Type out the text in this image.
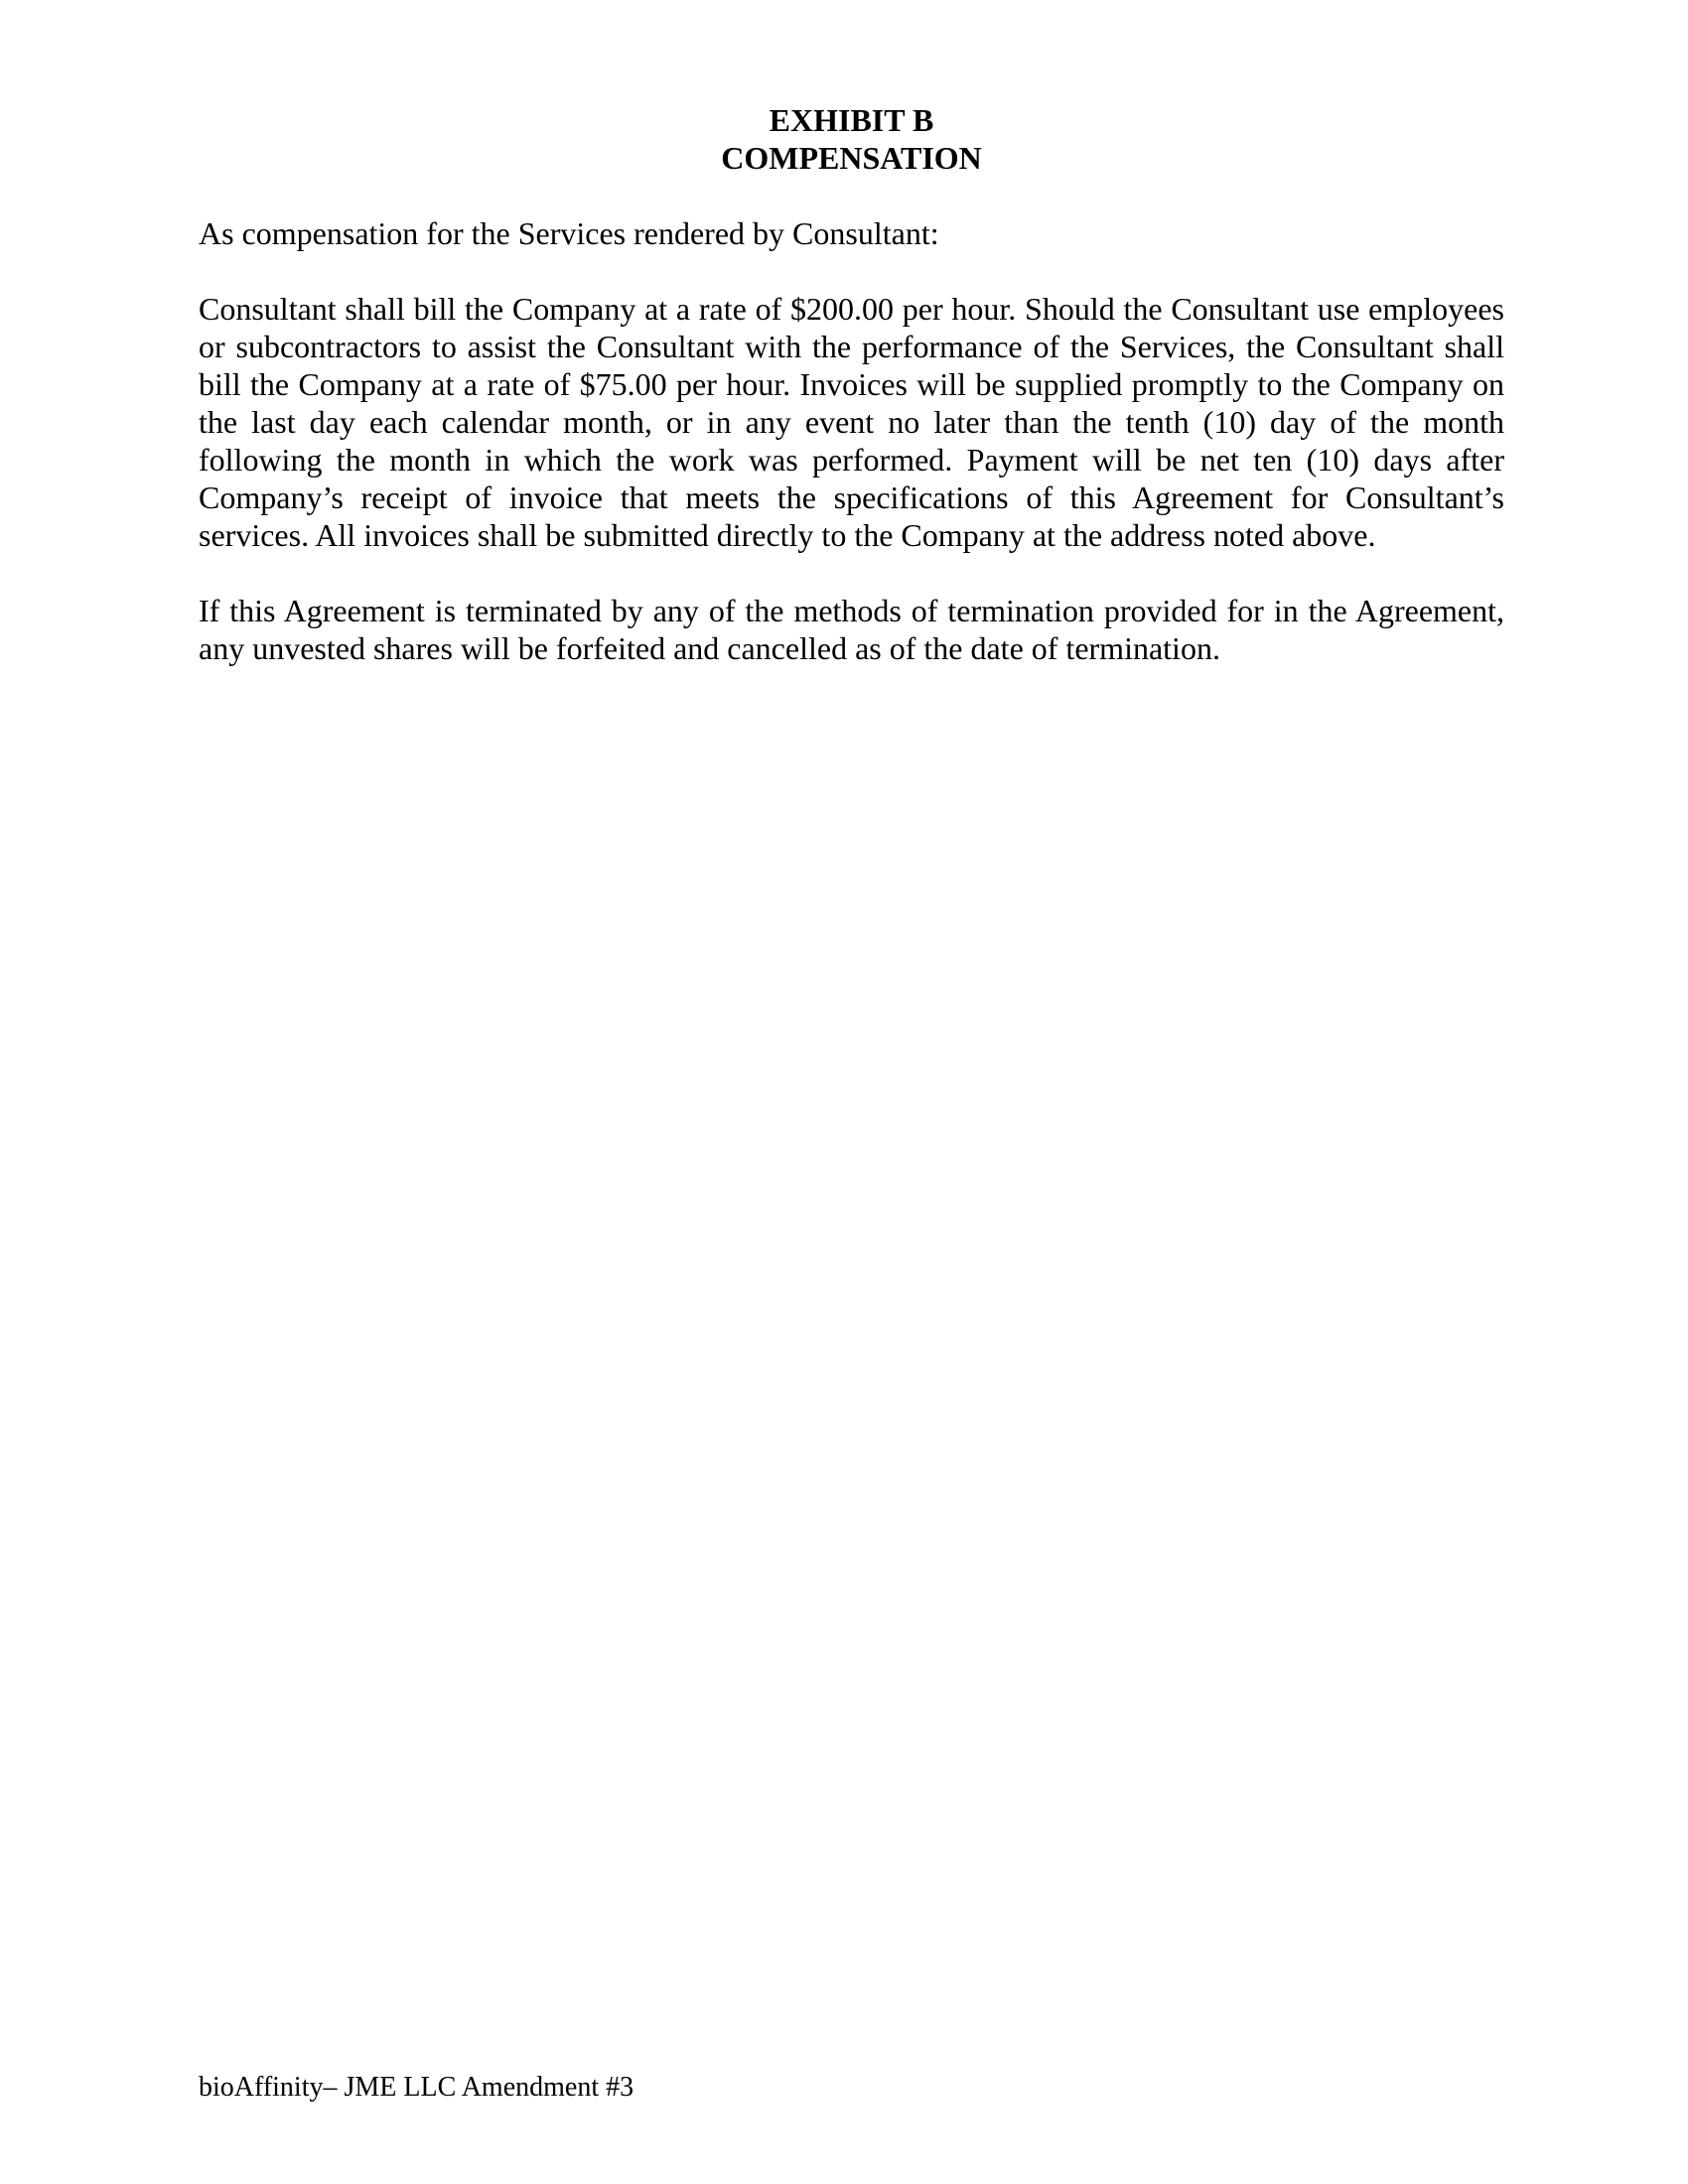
EXHIBIT B
COMPENSATION

As compensation for the Services rendered by Consultant:

Consultant shall bill the Company at a rate of $200.00 per hour. Should the Consultant use employees or subcontractors to assist the Consultant with the performance of the Services, the Consultant shall bill the Company at a rate of $75.00 per hour. Invoices will be supplied promptly to the Company on the last day each calendar month, or in any event no later than the tenth (10) day of the month following the month in which the work was performed. Payment will be net ten (10) days after Company’s receipt of invoice that meets the specifications of this Agreement for Consultant’s services. All invoices shall be submitted directly to the Company at the address noted above.

If this Agreement is terminated by any of the methods of termination provided for in the Agreement, any unvested shares will be forfeited and cancelled as of the date of termination.

bioAffinity– JME LLC Amendment #3
